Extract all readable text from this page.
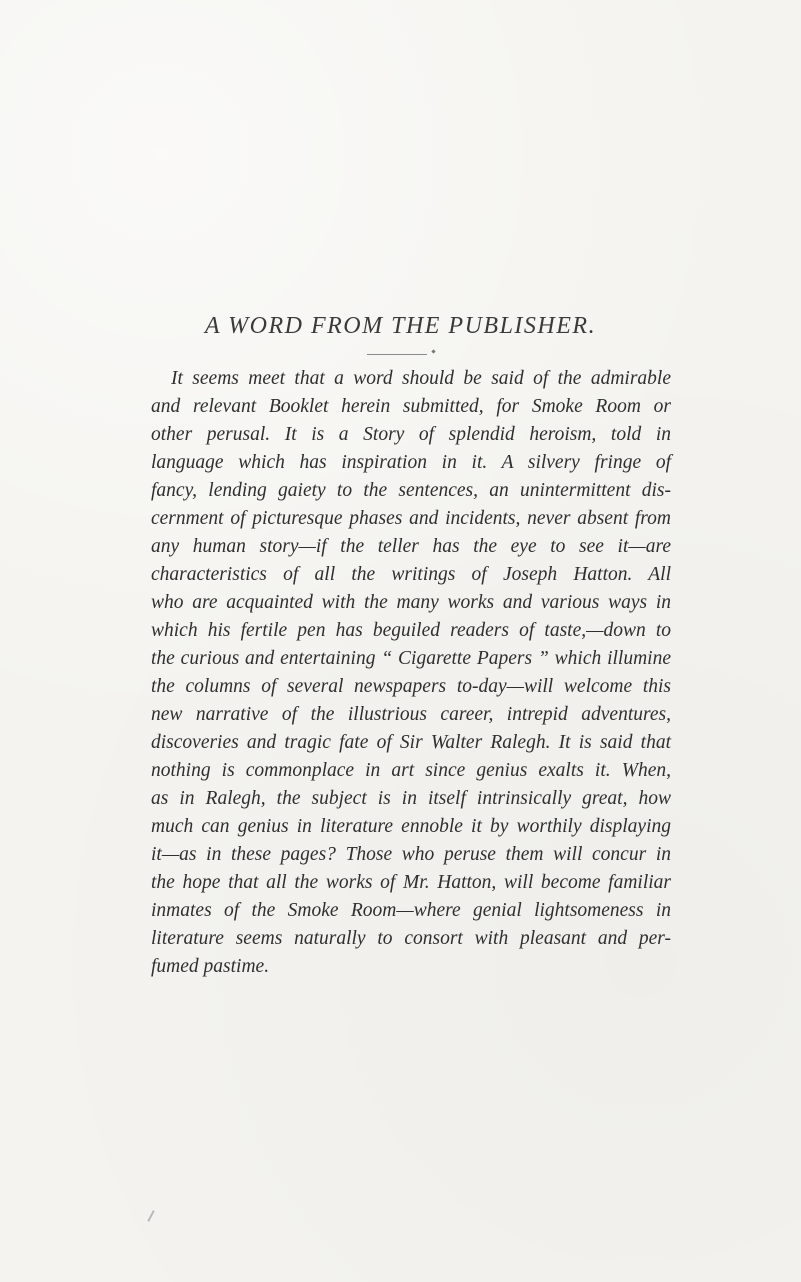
A WORD FROM THE PUBLISHER.
It seems meet that a word should be said of the admirable
and relevant Booklet herein submitted, for Smoke Room or
other perusal. It is a Story of splendid heroism, told in
language which has inspiration in it. A silvery fringe of
fancy, lending gaiety to the sentences, an unintermittent dis-
cernment of picturesque phases and incidents, never absent from
any human story—if the teller has the eye to see it—are
characteristics of all the writings of Joseph Hatton. All
who are acquainted with the many works and various ways in
which his fertile pen has beguiled readers of taste,—down to
the curious and entertaining “ Cigarette Papers ” which illumine
the columns of several newspapers to-day—will welcome this
new narrative of the illustrious career, intrepid adventures,
discoveries and tragic fate of Sir Walter Ralegh. It is said that
nothing is commonplace in art since genius exalts it. When,
as in Ralegh, the subject is in itself intrinsically great, how
much can genius in literature ennoble it by worthily displaying
it—as in these pages? Those who peruse them will concur in
the hope that all the works of Mr. Hatton, will become familiar
inmates of the Smoke Room—where genial lightsomeness in
literature seems naturally to consort with pleasant and per-
fumed pastime.
